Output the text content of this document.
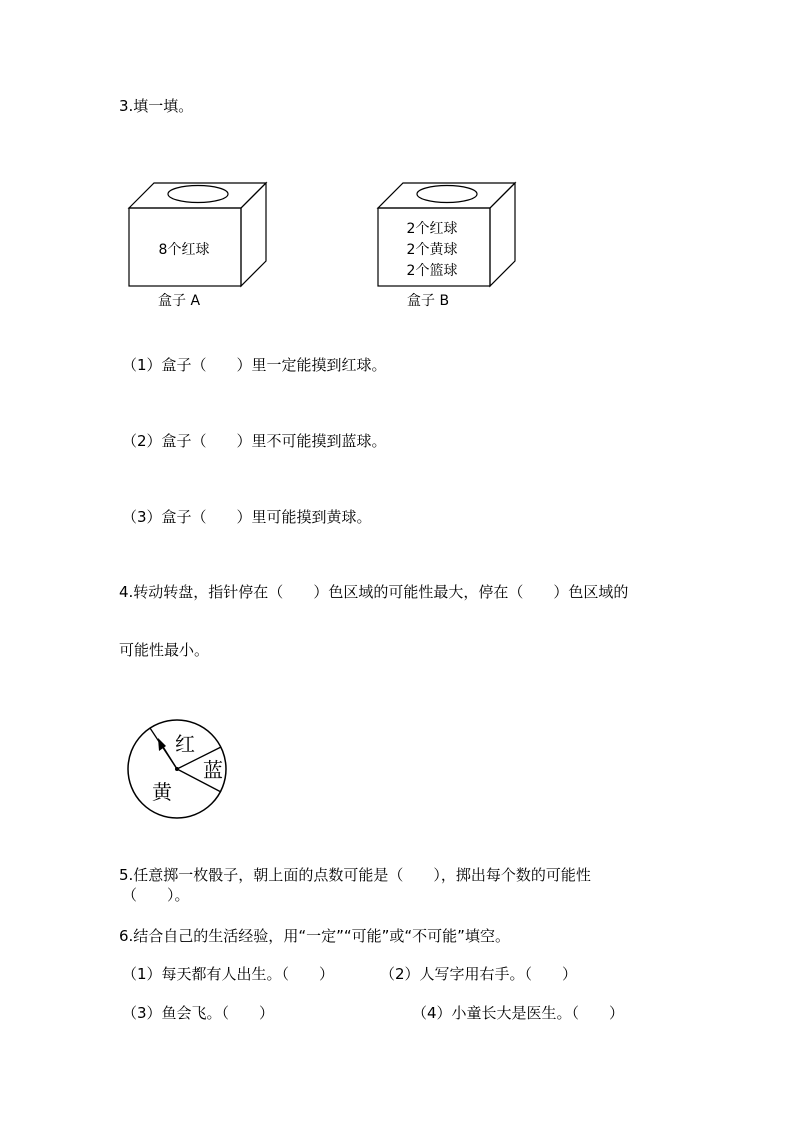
3.填一填。
8个红球
盒子 A
2个红球
2个黄球
2个篮球
盒子 B
（1）盒子（　　）里一定能摸到红球。
（2）盒子（　　）里不可能摸到蓝球。
（3）盒子（　　）里可能摸到黄球。
4.转动转盘，指针停在（　　）色区域的可能性最大，停在（　　）色区域的
可能性最小。
红
蓝
黄
5.任意掷一枚骰子，朝上面的点数可能是（　　），掷出每个数的可能性
（　　）。
6.结合自己的生活经验，用“一定”“可能”或“不可能”填空。
（1）每天都有人出生。（　　）	（2）人写字用右手。（　　）
（3）鱼会飞。（　　）	（4）小童长大是医生。（　　）
